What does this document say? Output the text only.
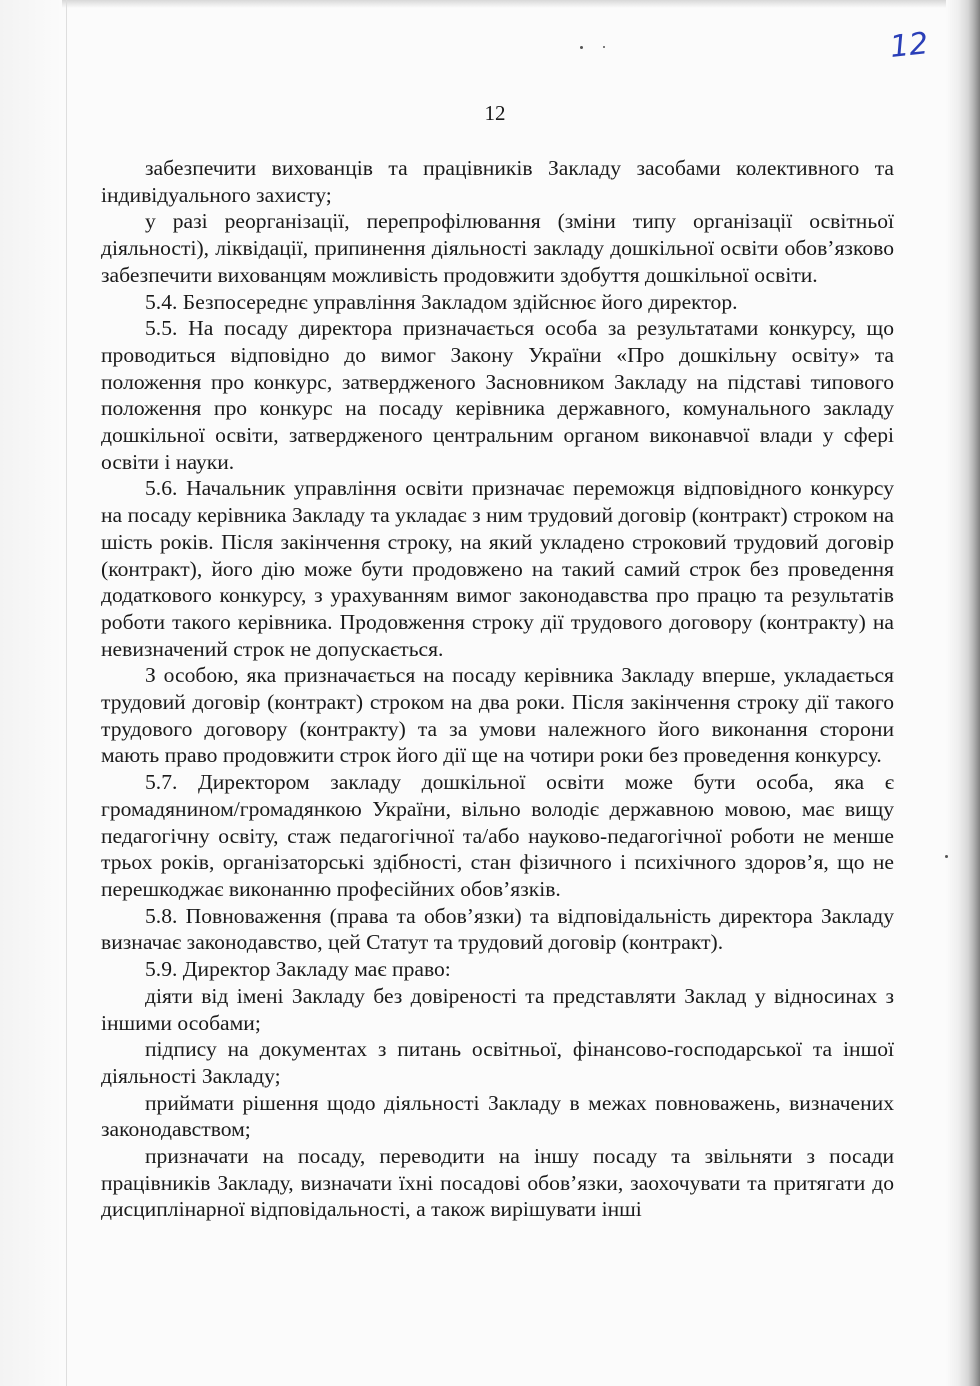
12
12

забезпечити вихованців та працівників Закладу засобами колективного та індивідуального захисту;

у разі реорганізації, перепрофілювання (зміни типу організації освітньої діяльності), ліквідації, припинення діяльності закладу дошкільної освіти обов’язково забезпечити вихованцям можливість продовжити здобуття дошкільної освіти.

5.4. Безпосереднє управління Закладом здійснює його директор.

5.5. На посаду директора призначається особа за результатами конкурсу, що проводиться відповідно до вимог Закону України «Про дошкільну освіту» та положення про конкурс, затвердженого Засновником Закладу на підставі типового положення про конкурс на посаду керівника державного, комунального закладу дошкільної освіти, затвердженого центральним органом виконавчої влади у сфері освіти і науки.

5.6. Начальник управління освіти призначає переможця відповідного конкурсу на посаду керівника Закладу та укладає з ним трудовий договір (контракт) строком на шість років. Після закінчення строку, на який укладено строковий трудовий договір (контракт), його дію може бути продовжено на такий самий строк без проведення додаткового конкурсу, з урахуванням вимог законодавства про працю та результатів роботи такого керівника. Продовження строку дії трудового договору (контракту) на невизначений строк не допускається.

З особою, яка призначається на посаду керівника Закладу вперше, укладається трудовий договір (контракт) строком на два роки. Після закінчення строку дії такого трудового договору (контракту) та за умови належного його виконання сторони мають право продовжити строк його дії ще на чотири роки без проведення конкурсу.

5.7. Директором закладу дошкільної освіти може бути особа, яка є громадянином/громадянкою України, вільно володіє державною мовою, має вищу педагогічну освіту, стаж педагогічної та/або науково-педагогічної роботи не менше трьох років, організаторські здібності, стан фізичного і психічного здоров’я, що не перешкоджає виконанню професійних обов’язків.

5.8. Повноваження (права та обов’язки) та відповідальність директора Закладу визначає законодавство, цей Статут та трудовий договір (контракт).

5.9. Директор Закладу має право:

діяти від імені Закладу без довіреності та представляти Заклад у відносинах з іншими особами;

підпису на документах з питань освітньої, фінансово-господарської та іншої діяльності Закладу;

приймати рішення щодо діяльності Закладу в межах повноважень, визначених законодавством;

призначати на посаду, переводити на іншу посаду та звільняти з посади працівників Закладу, визначати їхні посадові обов’язки, заохочувати та притягати до дисциплінарної відповідальності, а також вирішувати інші
